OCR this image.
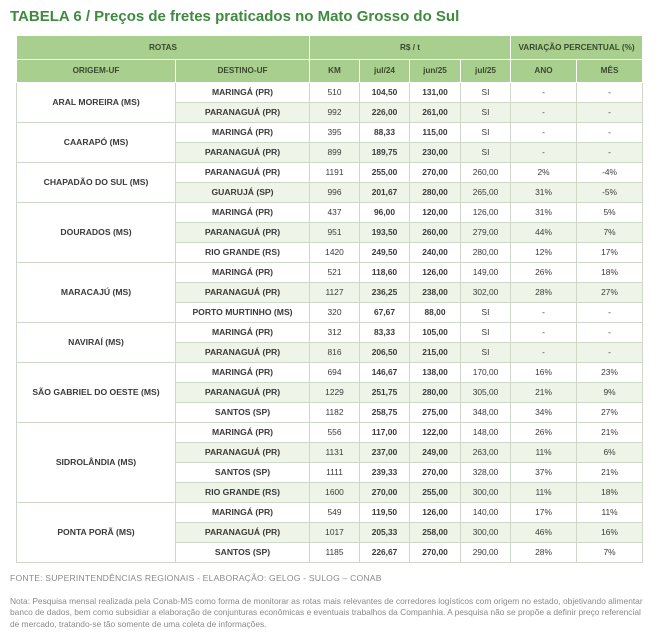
TABELA 6 / Preços de fretes praticados no Mato Grosso do Sul
ROTAS		R$ / t				VARIAÇÃO PERCENTUAL (%)	
ORIGEM-UF	DESTINO-UF	KM	jul/24	jun/25	jul/25	ANO	MÊS
ARAL MOREIRA (MS)	MARINGÁ (PR)	510	104,50	131,00	SI	-	-
	PARANAGUÁ (PR)	992	226,00	261,00	SI	-	-
CAARAPÓ (MS)	MARINGÁ (PR)	395	88,33	115,00	SI	-	-
	PARANAGUÁ (PR)	899	189,75	230,00	SI	-	-
CHAPADÃO DO SUL (MS)	PARANAGUÁ (PR)	1191	255,00	270,00	260,00	2%	-4%
	GUARUJÁ (SP)	996	201,67	280,00	265,00	31%	-5%
DOURADOS (MS)	MARINGÁ (PR)	437	96,00	120,00	126,00	31%	5%
	PARANAGUÁ (PR)	951	193,50	260,00	279,00	44%	7%
	RIO GRANDE (RS)	1420	249,50	240,00	280,00	12%	17%
MARACAJÚ (MS)	MARINGÁ (PR)	521	118,60	126,00	149,00	26%	18%
	PARANAGUÁ (PR)	1127	236,25	238,00	302,00	28%	27%
	PORTO MURTINHO (MS)	320	67,67	88,00	SI	-	-
NAVIRAÍ (MS)	MARINGÁ (PR)	312	83,33	105,00	SI	-	-
	PARANAGUÁ (PR)	816	206,50	215,00	SI	-	-
SÃO GABRIEL DO OESTE (MS)	MARINGÁ (PR)	694	146,67	138,00	170,00	16%	23%
	PARANAGUÁ (PR)	1229	251,75	280,00	305,00	21%	9%
	SANTOS (SP)	1182	258,75	275,00	348,00	34%	27%
SIDROLÂNDIA (MS)	MARINGÁ (PR)	556	117,00	122,00	148,00	26%	21%
	PARANAGUÁ (PR)	1131	237,00	249,00	263,00	11%	6%
	SANTOS (SP)	1111	239,33	270,00	328,00	37%	21%
	RIO GRANDE (RS)	1600	270,00	255,00	300,00	11%	18%
PONTA PORÃ (MS)	MARINGÁ (PR)	549	119,50	126,00	140,00	17%	11%
	PARANAGUÁ (PR)	1017	205,33	258,00	300,00	46%	16%
	SANTOS (SP)	1185	226,67	270,00	290,00	28%	7%
FONTE: SUPERINTENDÊNCIAS REGIONAIS - ELABORAÇÃO: GELOG - SULOG – CONAB
Nota: Pesquisa mensal realizada pela Conab-MS como forma de monitorar as rotas mais relevantes de corredores logísticos com origem no estado, objetivando alimentar banco de dados, bem como subsidiar a elaboração de conjunturas econômicas e eventuais trabalhos da Companhia. A pesquisa não se propõe a definir preço referencial de mercado, tratando-se tão somente de uma coleta de informações.
